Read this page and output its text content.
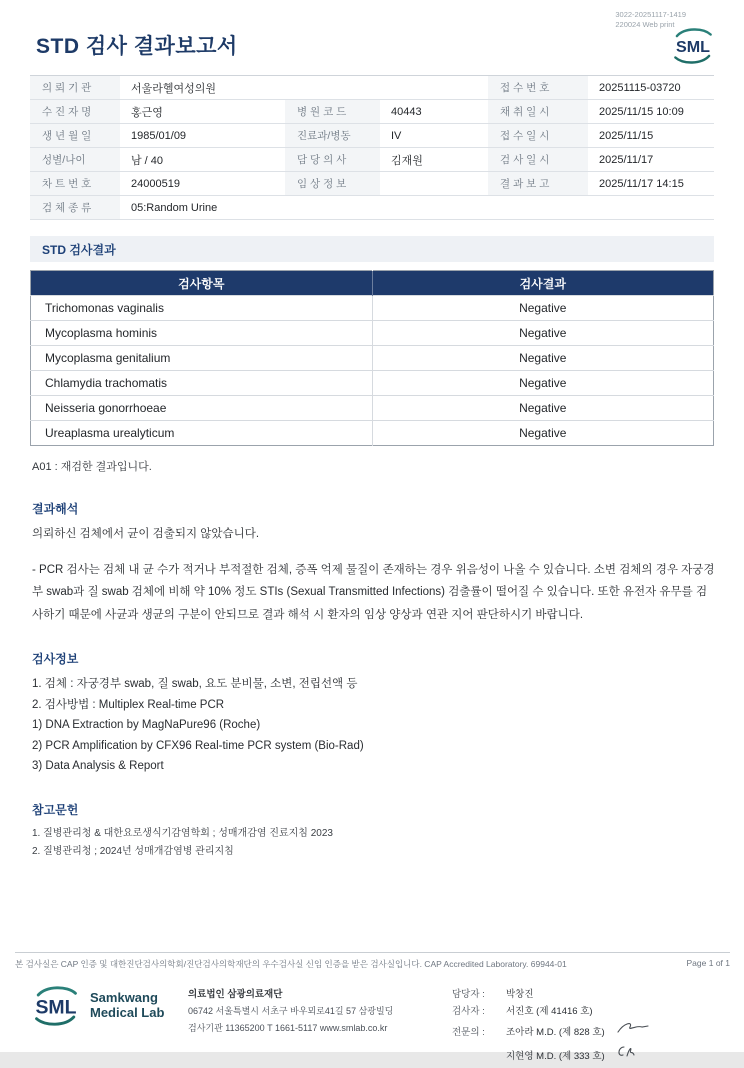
3022-20251117-1419
220024 Web print
SML
STD 검사 결과보고서
의 뢰 기 관	서울라헬여성의원			접 수 번 호	20251115-03720
수 진 자 명	홍근영	병 원 코 드	40443	채 취 일 시	2025/11/15 10:09
생 년 월 일	1985/01/09	진료과/병동	IV	접 수 일 시	2025/11/15
성별/나이	남 / 40	담 당 의 사	김재원	검 사 일 시	2025/11/17
차 트 번 호	24000519	임 상 정 보		결 과 보 고	2025/11/17 14:15
검 체 종 류	05:Random Urine				
STD 검사결과
검사항목	검사결과
Trichomonas vaginalis	Negative
Mycoplasma hominis	Negative
Mycoplasma genitalium	Negative
Chlamydia trachomatis	Negative
Neisseria gonorrhoeae	Negative
Ureaplasma urealyticum	Negative
A01 : 재검한 결과입니다.
결과해석
의뢰하신 검체에서 균이 검출되지 않았습니다.
- PCR 검사는 검체 내 균 수가 적거나 부적절한 검체, 증폭 억제 물질이 존재하는 경우 위음성이 나올 수 있습니다. 소변 검체의 경우 자궁경부 swab과 질 swab 검체에 비해 약 10% 정도 STIs (Sexual Transmitted Infections) 검출률이 떨어질 수 있습니다. 또한 유전자 유무를 검사하기 때문에 사균과 생균의 구분이 안되므로 결과 해석 시 환자의 임상 양상과 연관 지어 판단하시기 바랍니다.
검사정보
1. 검체 : 자궁경부 swab, 질 swab, 요도 분비물, 소변, 전립선액 등
2. 검사방법 : Multiplex Real-time PCR
1) DNA Extraction by MagNaPure96 (Roche)
2) PCR Amplification by CFX96 Real-time PCR system (Bio-Rad)
3) Data Analysis & Report
참고문헌
1. 질병관리청 & 대한요로생식기감염학회 ; 성매개감염 진료지침 2023
2. 질병관리청 ; 2024년 성매개감염병 관리지침
본 검사실은 CAP 인증 및 대한진단검사의학회/진단검사의학재단의 우수검사실 신임 인증을 받은 검사실입니다. CAP Accredited Laboratory. 69944-01	Page 1 of 1
SML Samkwang
Medical Lab
의료법인 삼광의료재단
06742 서울특별시 서초구 바우뫼로41길 57 삼광빌딩
검사기관 11365200 T 1661-5117 www.smlab.co.kr
담당자 :	박창진
검사자 :	서진호 (제 41416 호)
전문의 :	조아라 M.D. (제 828 호)
지현영 M.D. (제 333 호)
